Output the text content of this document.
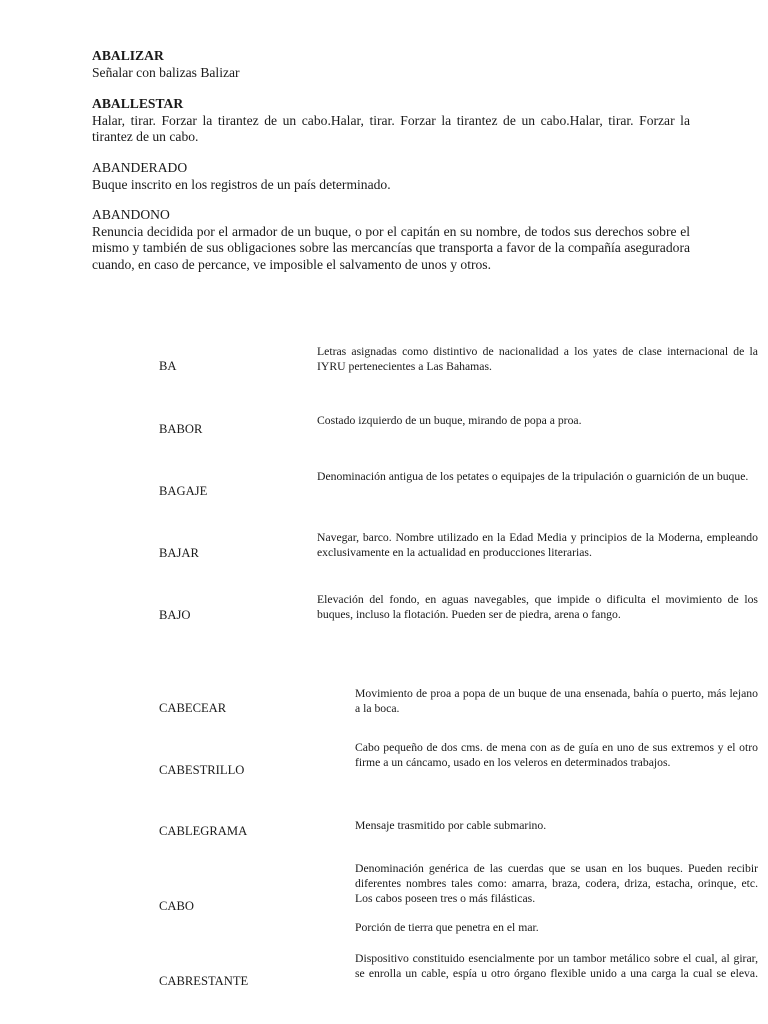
ABALIZAR
Señalar con balizas Balizar
ABALLESTAR
Halar, tirar. Forzar la tirantez de un cabo.Halar, tirar. Forzar la tirantez de un cabo.Halar, tirar. Forzar la tirantez de un cabo.
ABANDERADO
Buque inscrito en los registros de un país determinado.
ABANDONO
Renuncia decidida por el armador de un buque, o por el capitán en su nombre, de todos sus derechos sobre el mismo y también de sus obligaciones sobre las mercancías que transporta a favor de la compañía aseguradora cuando, en caso de percance, ve imposible el salvamento de unos y otros.
BA
Letras asignadas como distintivo de nacionalidad a los yates de clase internacional de la IYRU pertenecientes a Las Bahamas.
BABOR
Costado izquierdo de un buque, mirando de popa a proa.
BAGAJE
Denominación antigua de los petates o equipajes de la tripulación o guarnición de un buque.
BAJAR
Navegar, barco. Nombre utilizado en la Edad Media y principios de la Moderna, empleando exclusivamente en la actualidad en producciones literarias.
BAJO
Elevación del fondo, en aguas navegables, que impide o dificulta el movimiento de los buques, incluso la flotación. Pueden ser de piedra, arena o fango.
CABECEAR
Movimiento de proa a popa de un buque de una ensenada, bahía o puerto, más lejano a la boca.
CABESTRILLO
Cabo pequeño de dos cms. de mena con as de guía en uno de sus extremos y el otro firme a un cáncamo, usado en los veleros en determinados trabajos.
CABLEGRAMA	Mensaje trasmitido por cable submarino.
CABO
Denominación genérica de las cuerdas que se usan en los buques. Pueden recibir diferentes nombres tales como: amarra, braza, codera, driza, estacha, orinque, etc. Los cabos poseen tres o más filásticas.
Porción de tierra que penetra en el mar.
CABRESTANTE
Dispositivo constituido esencialmente por un tambor metálico sobre el cual, al girar, se enrolla un cable, espía u otro órgano flexible unido a una carga la cual se eleva.
